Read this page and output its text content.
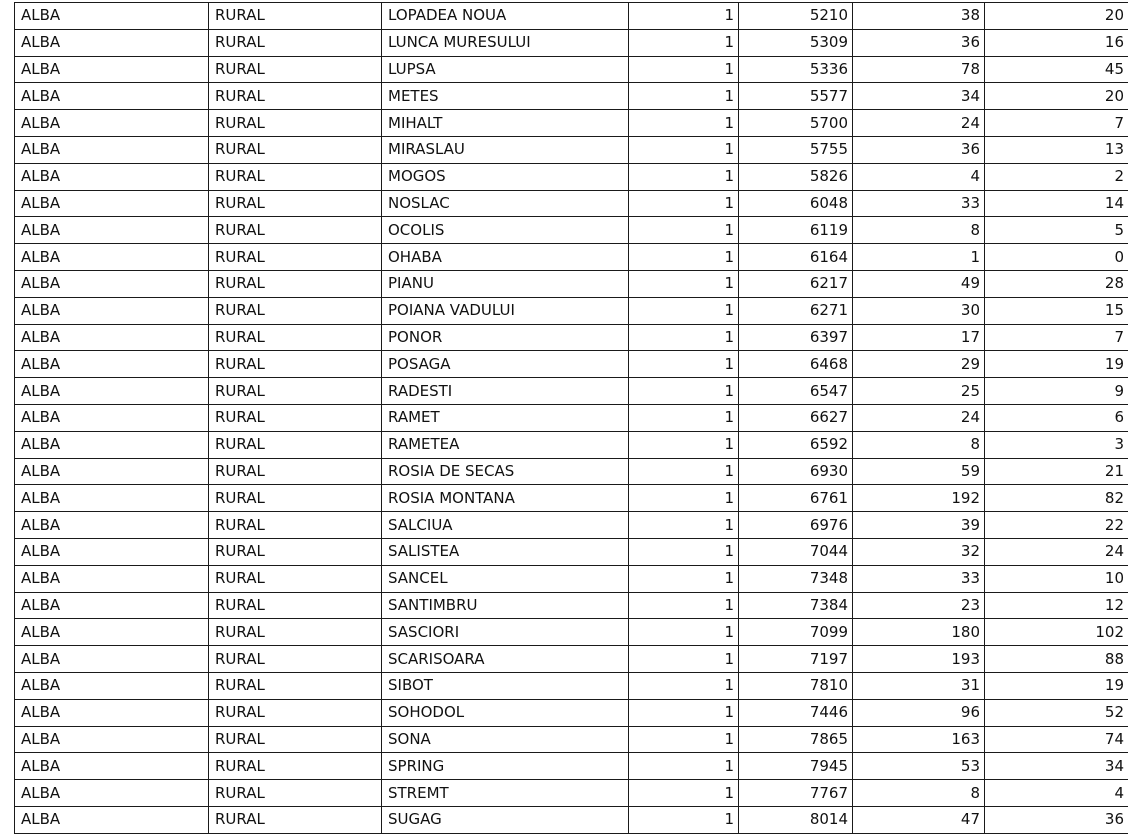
ALBA	RURAL	LOPADEA NOUA	1	5210	38	20
ALBA	RURAL	LUNCA MURESULUI	1	5309	36	16
ALBA	RURAL	LUPSA	1	5336	78	45
ALBA	RURAL	METES	1	5577	34	20
ALBA	RURAL	MIHALT	1	5700	24	7
ALBA	RURAL	MIRASLAU	1	5755	36	13
ALBA	RURAL	MOGOS	1	5826	4	2
ALBA	RURAL	NOSLAC	1	6048	33	14
ALBA	RURAL	OCOLIS	1	6119	8	5
ALBA	RURAL	OHABA	1	6164	1	0
ALBA	RURAL	PIANU	1	6217	49	28
ALBA	RURAL	POIANA VADULUI	1	6271	30	15
ALBA	RURAL	PONOR	1	6397	17	7
ALBA	RURAL	POSAGA	1	6468	29	19
ALBA	RURAL	RADESTI	1	6547	25	9
ALBA	RURAL	RAMET	1	6627	24	6
ALBA	RURAL	RAMETEA	1	6592	8	3
ALBA	RURAL	ROSIA DE SECAS	1	6930	59	21
ALBA	RURAL	ROSIA MONTANA	1	6761	192	82
ALBA	RURAL	SALCIUA	1	6976	39	22
ALBA	RURAL	SALISTEA	1	7044	32	24
ALBA	RURAL	SANCEL	1	7348	33	10
ALBA	RURAL	SANTIMBRU	1	7384	23	12
ALBA	RURAL	SASCIORI	1	7099	180	102
ALBA	RURAL	SCARISOARA	1	7197	193	88
ALBA	RURAL	SIBOT	1	7810	31	19
ALBA	RURAL	SOHODOL	1	7446	96	52
ALBA	RURAL	SONA	1	7865	163	74
ALBA	RURAL	SPRING	1	7945	53	34
ALBA	RURAL	STREMT	1	7767	8	4
ALBA	RURAL	SUGAG	1	8014	47	36
